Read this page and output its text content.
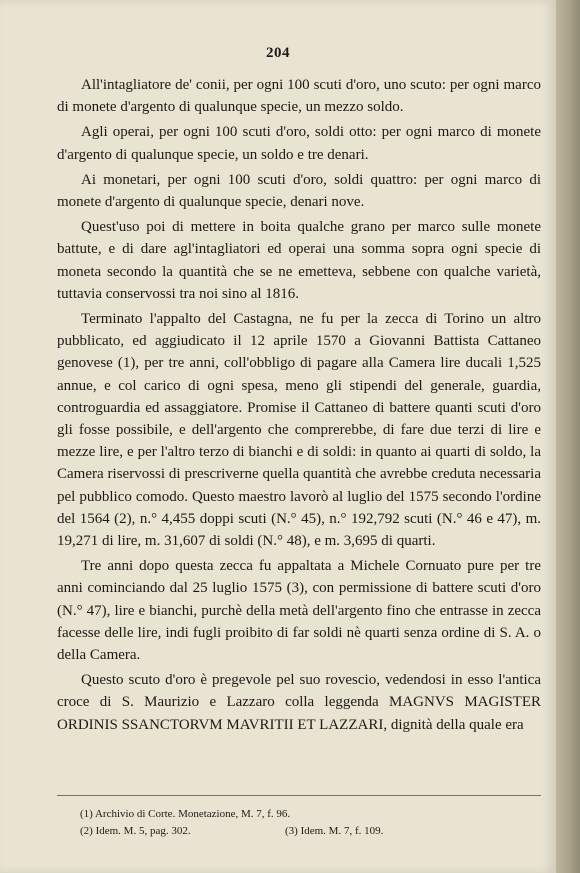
204

All'intagliatore de' conii, per ogni 100 scuti d'oro, uno scuto: per ogni marco di monete d'argento di qualunque specie, un mezzo soldo.

Agli operai, per ogni 100 scuti d'oro, soldi otto: per ogni marco di monete d'argento di qualunque specie, un soldo e tre denari.

Ai monetari, per ogni 100 scuti d'oro, soldi quattro: per ogni marco di monete d'argento di qualunque specie, denari nove.

Quest'uso poi di mettere in boita qualche grano per marco sulle monete battute, e di dare agl'intagliatori ed operai una somma sopra ogni specie di moneta secondo la quantità che se ne emetteva, sebbene con qualche varietà, tuttavia conservossi tra noi sino al 1816.

Terminato l'appalto del Castagna, ne fu per la zecca di Torino un altro pubblicato, ed aggiudicato il 12 aprile 1570 a Giovanni Battista Cattaneo genovese (1), per tre anni, coll'obbligo di pagare alla Camera lire ducali 1,525 annue, e col carico di ogni spesa, meno gli stipendi del generale, guardia, controguardia ed assaggiatore. Promise il Cattaneo di battere quanti scuti d'oro gli fosse possibile, e dell'argento che comprerebbe, di fare due terzi di lire e mezze lire, e per l'altro terzo di bianchi e di soldi: in quanto ai quarti di soldo, la Camera riservossi di prescriverne quella quantità che avrebbe creduta necessaria pel pubblico comodo. Questo maestro lavorò al luglio del 1575 secondo l'ordine del 1564 (2), n.° 4,455 doppi scuti (N.° 45), n.° 192,792 scuti (N.° 46 e 47), m. 19,271 di lire, m. 31,607 di soldi (N.° 48), e m. 3,695 di quarti.

Tre anni dopo questa zecca fu appaltata a Michele Cornuato pure per tre anni cominciando dal 25 luglio 1575 (3), con permissione di battere scuti d'oro (N.° 47), lire e bianchi, purchè della metà dell'argento fino che entrasse in zecca facesse delle lire, indi fugli proibito di far soldi nè quarti senza ordine di S. A. o della Camera.

Questo scuto d'oro è pregevole pel suo rovescio, vedendosi in esso l'antica croce di S. Maurizio e Lazzaro colla leggenda MAGNVS MAGISTER ORDINIS SSANCTORVM MAVRITII ET LAZZARI, dignità della quale era

(1) Archivio di Corte. Monetazione, M. 7, f. 96.
(2) Idem. M. 5, pag. 302.	(3) Idem. M. 7, f. 109.
